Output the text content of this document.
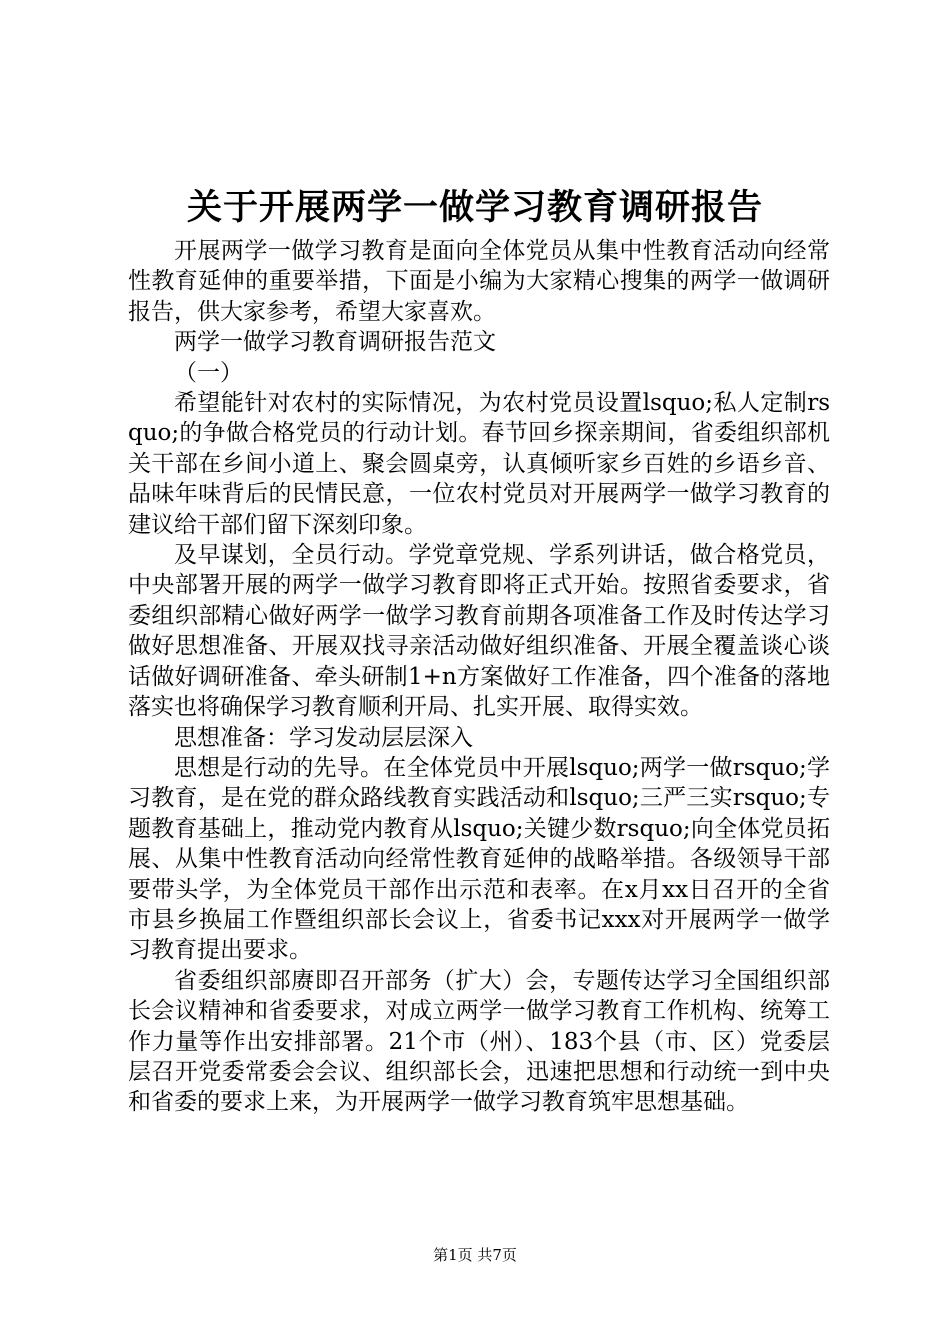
关于开展两学一做学习教育调研报告

开展两学一做学习教育是面向全体党员从集中性教育活动向经常性教育延伸的重要举措，下面是小编为大家精心搜集的两学一做调研报告，供大家参考，希望大家喜欢。

两学一做学习教育调研报告范文

（一）

希望能针对农村的实际情况，为农村党员设置lsquo;私人定制rsquo;的争做合格党员的行动计划。春节回乡探亲期间，省委组织部机关干部在乡间小道上、聚会圆桌旁，认真倾听家乡百姓的乡语乡音、品味年味背后的民情民意，一位农村党员对开展两学一做学习教育的建议给干部们留下深刻印象。

及早谋划，全员行动。学党章党规、学系列讲话，做合格党员，中央部署开展的两学一做学习教育即将正式开始。按照省委要求，省委组织部精心做好两学一做学习教育前期各项准备工作及时传达学习做好思想准备、开展双找寻亲活动做好组织准备、开展全覆盖谈心谈话做好调研准备、牵头研制1+n方案做好工作准备，四个准备的落地落实也将确保学习教育顺利开局、扎实开展、取得实效。

思想准备：学习发动层层深入

思想是行动的先导。在全体党员中开展lsquo;两学一做rsquo;学习教育，是在党的群众路线教育实践活动和lsquo;三严三实rsquo;专题教育基础上，推动党内教育从lsquo;关键少数rsquo;向全体党员拓展、从集中性教育活动向经常性教育延伸的战略举措。各级领导干部要带头学，为全体党员干部作出示范和表率。在x月xx日召开的全省市县乡换届工作暨组织部长会议上，省委书记xxx对开展两学一做学习教育提出要求。

省委组织部赓即召开部务（扩大）会，专题传达学习全国组织部长会议精神和省委要求，对成立两学一做学习教育工作机构、统筹工作力量等作出安排部署。21个市（州）、183个县（市、区）党委层层召开党委常委会会议、组织部长会，迅速把思想和行动统一到中央和省委的要求上来，为开展两学一做学习教育筑牢思想基础。

第1页 共7页
